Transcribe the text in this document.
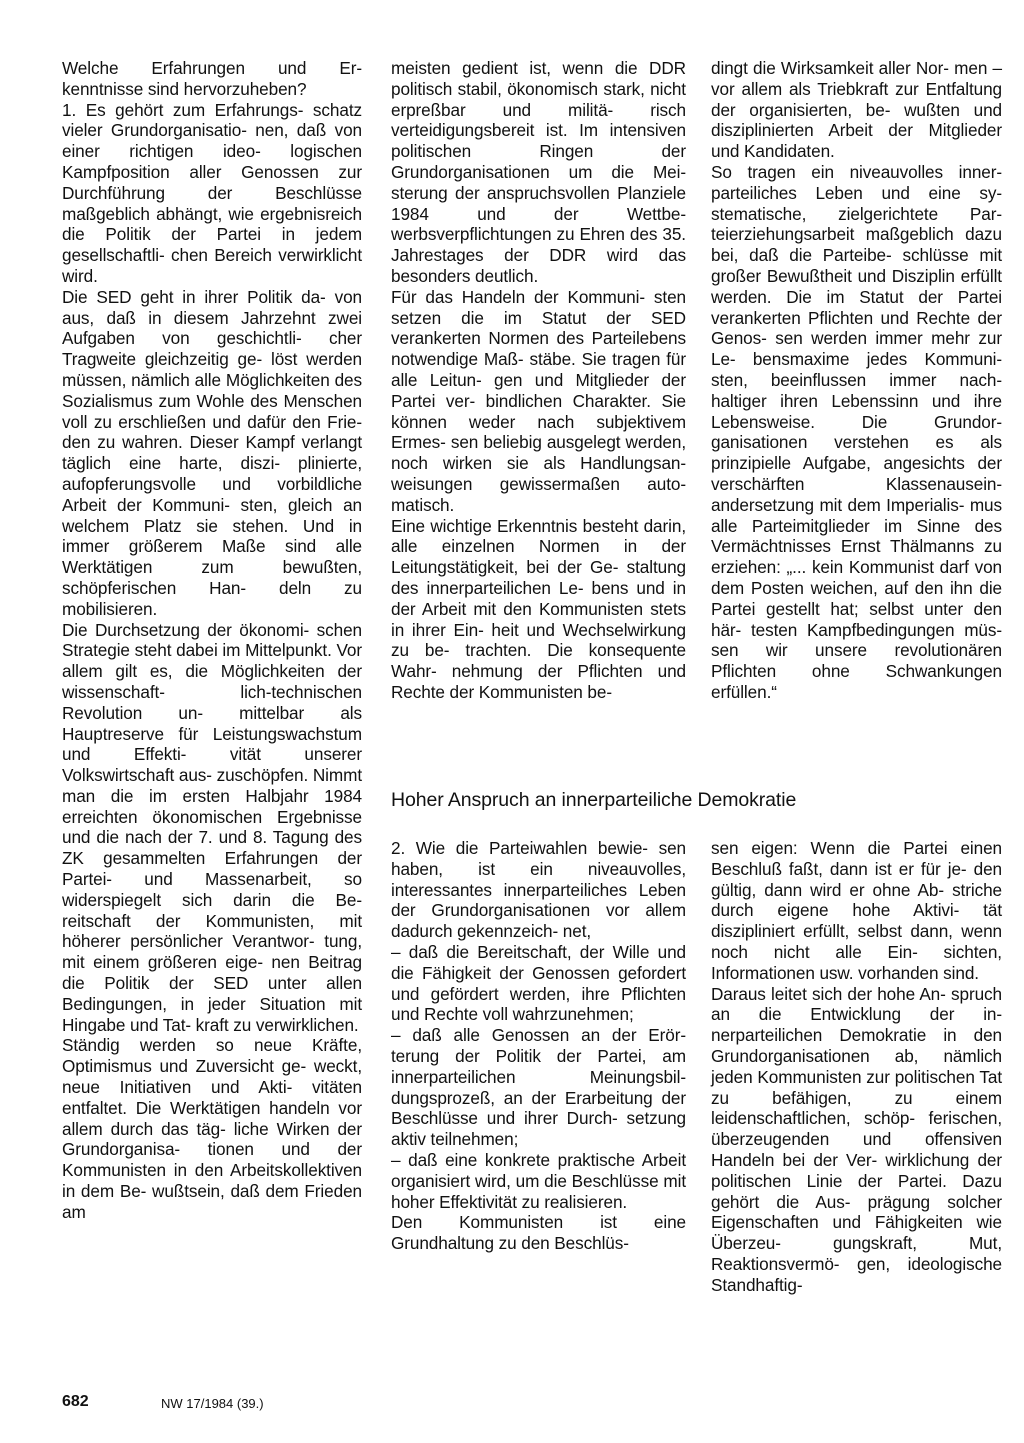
Welche Erfahrungen und Er- kenntnisse sind hervorzuheben?

1. Es gehört zum Erfahrungs- schatz vieler Grundorganisatio- nen, daß von einer richtigen ideo- logischen Kampfposition aller Genossen zur Durchführung der Beschlüsse maßgeblich abhängt, wie ergebnisreich die Politik der Partei in jedem gesellschaftli- chen Bereich verwirklicht wird.

Die SED geht in ihrer Politik da- von aus, daß in diesem Jahrzehnt zwei Aufgaben von geschichtli- cher Tragweite gleichzeitig ge- löst werden müssen, nämlich alle Möglichkeiten des Sozialismus zum Wohle des Menschen voll zu erschließen und dafür den Frie- den zu wahren. Dieser Kampf verlangt täglich eine harte, diszi- plinierte, aufopferungsvolle und vorbildliche Arbeit der Kommuni- sten, gleich an welchem Platz sie stehen. Und in immer größerem Maße sind alle Werktätigen zum bewußten, schöpferischen Han- deln zu mobilisieren.

Die Durchsetzung der ökonomi- schen Strategie steht dabei im Mittelpunkt. Vor allem gilt es, die Möglichkeiten der wissenschaft- lich-technischen Revolution un- mittelbar als Hauptreserve für Leistungswachstum und Effekti- vität unserer Volkswirtschaft aus- zuschöpfen. Nimmt man die im ersten Halbjahr 1984 erreichten ökonomischen Ergebnisse und die nach der 7. und 8. Tagung des ZK gesammelten Erfahrungen der Partei- und Massenarbeit, so widerspiegelt sich darin die Be- reitschaft der Kommunisten, mit höherer persönlicher Verantwor- tung, mit einem größeren eige- nen Beitrag die Politik der SED unter allen Bedingungen, in jeder Situation mit Hingabe und Tat- kraft zu verwirklichen.

Ständig werden so neue Kräfte, Optimismus und Zuversicht ge- weckt, neue Initiativen und Akti- vitäten entfaltet. Die Werktätigen handeln vor allem durch das täg- liche Wirken der Grundorganisa- tionen und der Kommunisten in den Arbeitskollektiven in dem Be- wußtsein, daß dem Frieden am

meisten gedient ist, wenn die DDR politisch stabil, ökonomisch stark, nicht erpreßbar und militä- risch verteidigungsbereit ist. Im intensiven politischen Ringen der Grundorganisationen um die Mei- sterung der anspruchsvollen Planziele 1984 und der Wettbe- werbsverpflichtungen zu Ehren des 35. Jahrestages der DDR wird das besonders deutlich.

Für das Handeln der Kommuni- sten setzen die im Statut der SED verankerten Normen des Parteilebens notwendige Maß- stäbe. Sie tragen für alle Leitun- gen und Mitglieder der Partei ver- bindlichen Charakter. Sie können weder nach subjektivem Ermes- sen beliebig ausgelegt werden, noch wirken sie als Handlungsan- weisungen gewissermaßen auto- matisch.

Eine wichtige Erkenntnis besteht darin, alle einzelnen Normen in der Leitungstätigkeit, bei der Ge- staltung des innerparteilichen Le- bens und in der Arbeit mit den Kommunisten stets in ihrer Ein- heit und Wechselwirkung zu be- trachten. Die konsequente Wahr- nehmung der Pflichten und Rechte der Kommunisten be-

dingt die Wirksamkeit aller Nor- men – vor allem als Triebkraft zur Entfaltung der organisierten, be- wußten und disziplinierten Arbeit der Mitglieder und Kandidaten.

So tragen ein niveauvolles inner- parteiliches Leben und eine sy- stematische, zielgerichtete Par- teierziehungsarbeit maßgeblich dazu bei, daß die Parteibe- schlüsse mit großer Bewußtheit und Disziplin erfüllt werden. Die im Statut der Partei verankerten Pflichten und Rechte der Genos- sen werden immer mehr zur Le- bensmaxime jedes Kommuni- sten, beeinflussen immer nach- haltiger ihren Lebenssinn und ihre Lebensweise. Die Grundor- ganisationen verstehen es als prinzipielle Aufgabe, angesichts der verschärften Klassenausein- andersetzung mit dem Imperialis- mus alle Parteimitglieder im Sinne des Vermächtnisses Ernst Thälmanns zu erziehen: „... kein Kommunist darf von dem Posten weichen, auf den ihn die Partei gestellt hat; selbst unter den här- testen Kampfbedingungen müs- sen wir unsere revolutionären Pflichten ohne Schwankungen erfüllen.“

Hoher Anspruch an innerparteiliche Demokratie

2. Wie die Parteiwahlen bewie- sen haben, ist ein niveauvolles, interessantes innerparteiliches Leben der Grundorganisationen vor allem dadurch gekennzeich- net,

– daß die Bereitschaft, der Wille und die Fähigkeit der Genossen gefordert und gefördert werden, ihre Pflichten und Rechte voll wahrzunehmen;

– daß alle Genossen an der Erör- terung der Politik der Partei, am innerparteilichen Meinungsbil- dungsprozeß, an der Erarbeitung der Beschlüsse und ihrer Durch- setzung aktiv teilnehmen;

– daß eine konkrete praktische Arbeit organisiert wird, um die Beschlüsse mit hoher Effektivität zu realisieren.

Den Kommunisten ist eine Grundhaltung zu den Beschlüs-

sen eigen: Wenn die Partei einen Beschluß faßt, dann ist er für je- den gültig, dann wird er ohne Ab- striche durch eigene hohe Aktivi- tät diszipliniert erfüllt, selbst dann, wenn noch nicht alle Ein- sichten, Informationen usw. vorhanden sind.

Daraus leitet sich der hohe An- spruch an die Entwicklung der in- nerparteilichen Demokratie in den Grundorganisationen ab, nämlich jeden Kommunisten zur politischen Tat zu befähigen, zu einem leidenschaftlichen, schöp- ferischen, überzeugenden und offensiven Handeln bei der Ver- wirklichung der politischen Linie der Partei. Dazu gehört die Aus- prägung solcher Eigenschaften und Fähigkeiten wie Überzeu- gungskraft, Mut, Reaktionsvermö- gen, ideologische Standhaftig-

682	NW 17/1984 (39.)
